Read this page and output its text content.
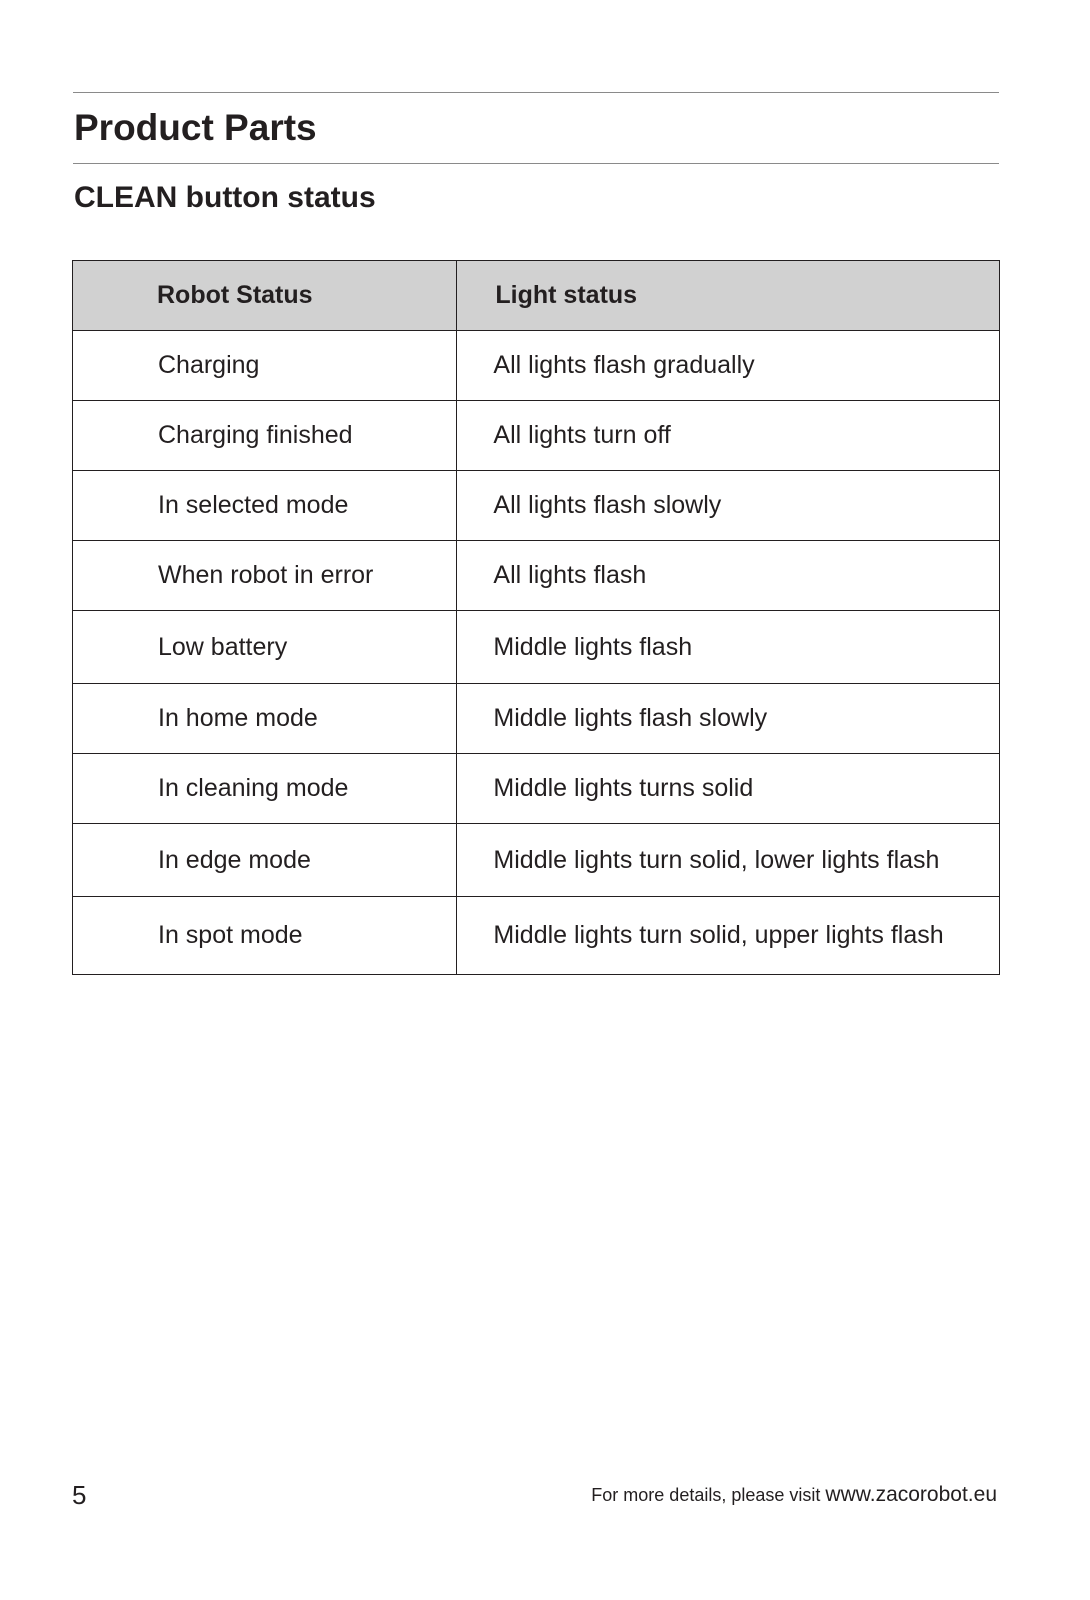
Product Parts
CLEAN button status
Robot Status	Light status
Charging	All lights flash gradually
Charging finished	All lights turn off
In selected mode	All lights flash slowly
When robot in error	All lights flash
Low battery	Middle lights flash
In home mode	Middle lights flash slowly
In cleaning mode	Middle lights turns solid
In edge mode	Middle lights turn solid, lower lights flash
In spot mode	Middle lights turn solid, upper lights flash
5	For more details, please visit www.zacorobot.eu
